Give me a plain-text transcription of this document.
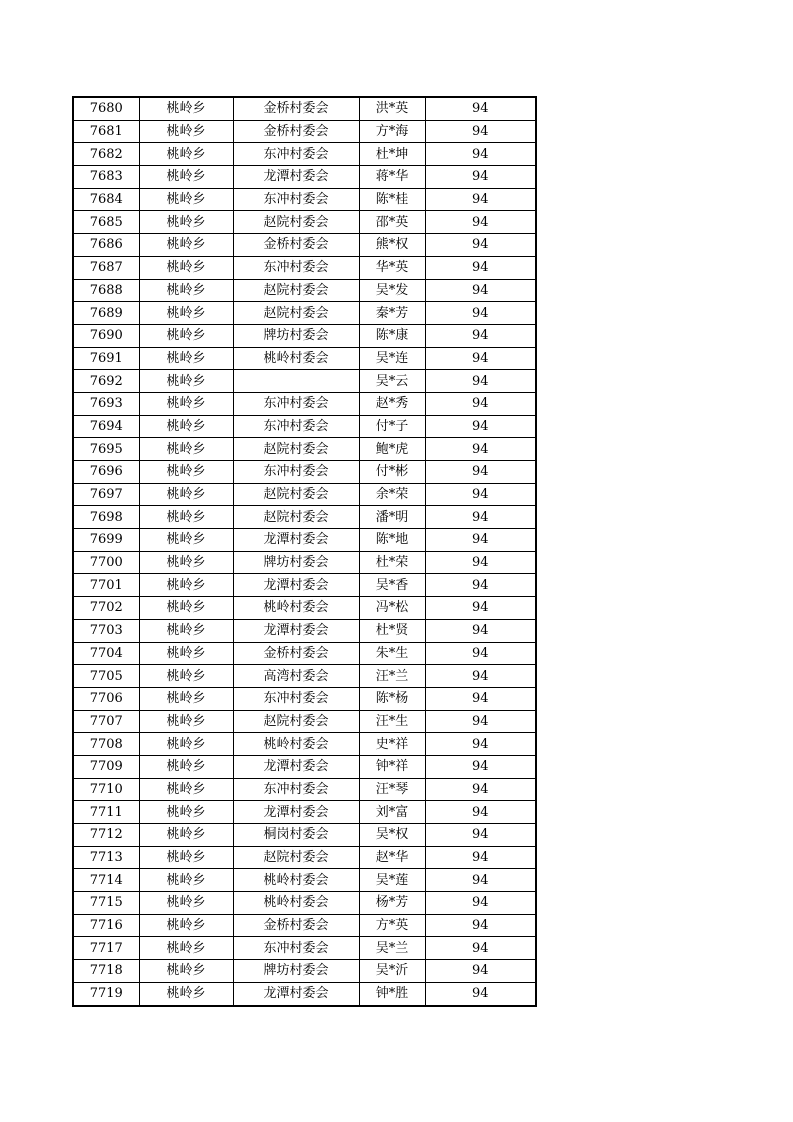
7680	桃岭乡	金桥村委会	洪*英	94
7681	桃岭乡	金桥村委会	方*海	94
7682	桃岭乡	东冲村委会	杜*坤	94
7683	桃岭乡	龙潭村委会	蒋*华	94
7684	桃岭乡	东冲村委会	陈*桂	94
7685	桃岭乡	赵院村委会	邵*英	94
7686	桃岭乡	金桥村委会	熊*权	94
7687	桃岭乡	东冲村委会	华*英	94
7688	桃岭乡	赵院村委会	吴*发	94
7689	桃岭乡	赵院村委会	秦*芳	94
7690	桃岭乡	牌坊村委会	陈*康	94
7691	桃岭乡	桃岭村委会	吴*连	94
7692	桃岭乡		吴*云	94
7693	桃岭乡	东冲村委会	赵*秀	94
7694	桃岭乡	东冲村委会	付*子	94
7695	桃岭乡	赵院村委会	鲍*虎	94
7696	桃岭乡	东冲村委会	付*彬	94
7697	桃岭乡	赵院村委会	余*荣	94
7698	桃岭乡	赵院村委会	潘*明	94
7699	桃岭乡	龙潭村委会	陈*地	94
7700	桃岭乡	牌坊村委会	杜*荣	94
7701	桃岭乡	龙潭村委会	吴*香	94
7702	桃岭乡	桃岭村委会	冯*松	94
7703	桃岭乡	龙潭村委会	杜*贤	94
7704	桃岭乡	金桥村委会	朱*生	94
7705	桃岭乡	高湾村委会	汪*兰	94
7706	桃岭乡	东冲村委会	陈*杨	94
7707	桃岭乡	赵院村委会	汪*生	94
7708	桃岭乡	桃岭村委会	史*祥	94
7709	桃岭乡	龙潭村委会	钟*祥	94
7710	桃岭乡	东冲村委会	汪*琴	94
7711	桃岭乡	龙潭村委会	刘*富	94
7712	桃岭乡	桐岗村委会	吴*权	94
7713	桃岭乡	赵院村委会	赵*华	94
7714	桃岭乡	桃岭村委会	吴*莲	94
7715	桃岭乡	桃岭村委会	杨*芳	94
7716	桃岭乡	金桥村委会	方*英	94
7717	桃岭乡	东冲村委会	吴*兰	94
7718	桃岭乡	牌坊村委会	吴*沂	94
7719	桃岭乡	龙潭村委会	钟*胜	94
